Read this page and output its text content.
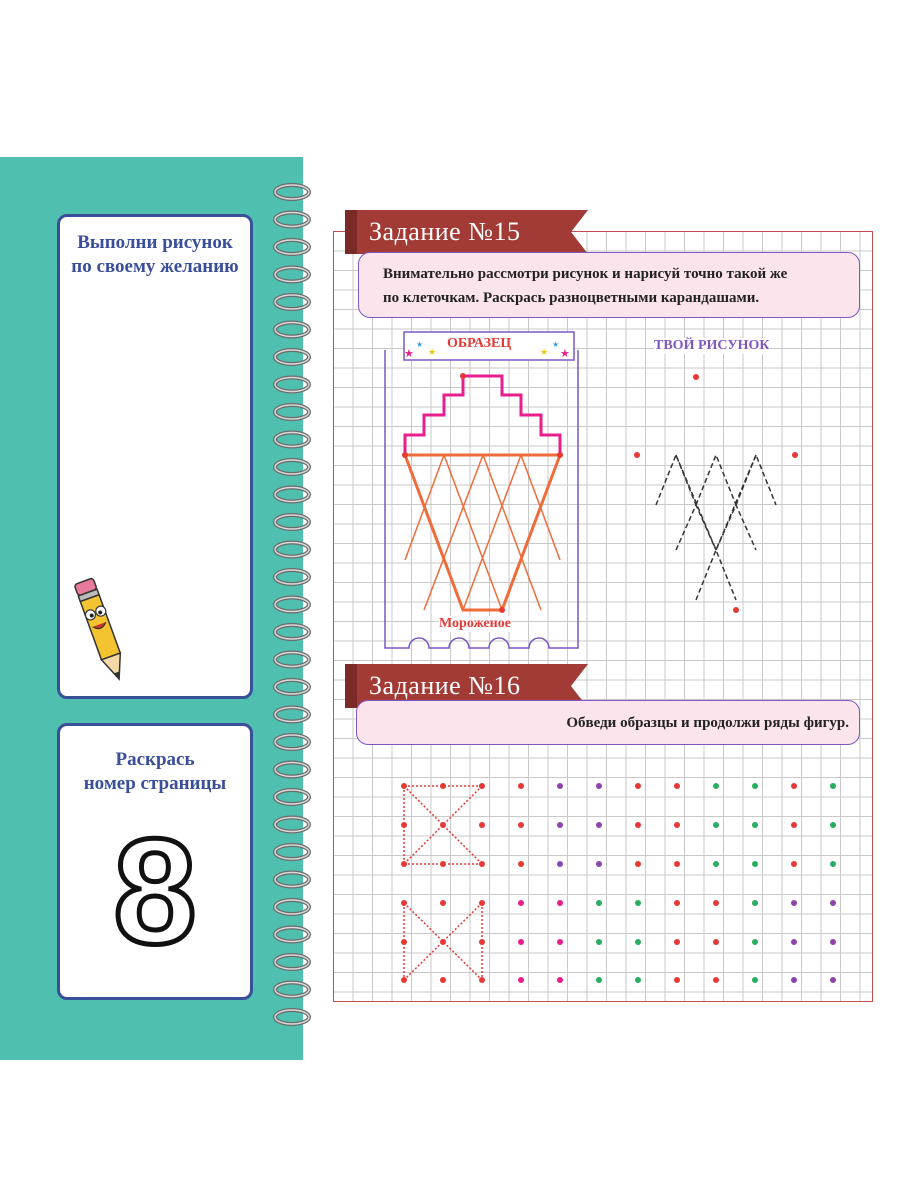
Выполни рисунок
по своему желанию
Раскрась
номер страницы
8
★
★
★	★
★
★
Задание №15
Внимательно рассмотри рисунок и нарисуй точно такой же
по клеточкам. Раскрась разноцветными карандашами.
ОБРАЗЕЦ
Мороженое
ТВОЙ РИСУНОК
Задание №16
Обведи образцы и продолжи ряды фигур.
